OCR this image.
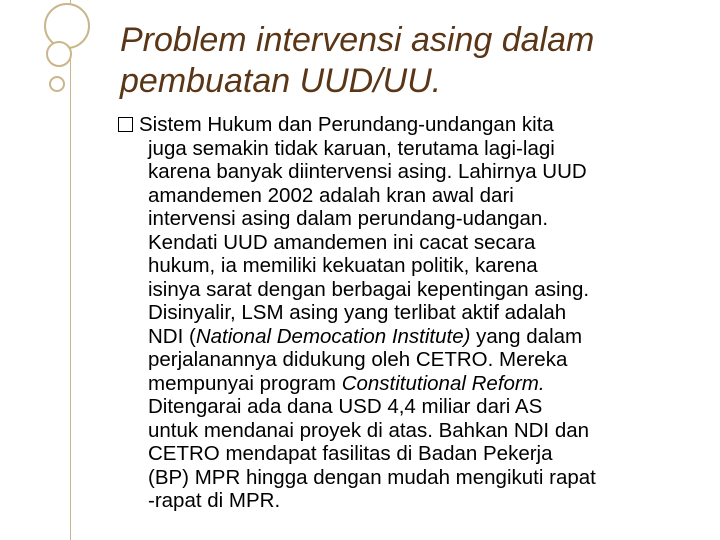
Problem intervensi asing dalam
pembuatan UUD/UU.
Sistem Hukum dan Perundang-undangan kita
juga semakin tidak karuan, terutama lagi-lagi
karena banyak diintervensi asing. Lahirnya UUD
amandemen 2002 adalah kran awal dari
intervensi asing dalam perundang-udangan.
Kendati UUD amandemen ini cacat secara
hukum, ia memiliki kekuatan politik, karena
isinya sarat dengan berbagai kepentingan asing.
Disinyalir, LSM asing yang terlibat aktif adalah
NDI (National Democation Institute) yang dalam
perjalanannya didukung oleh CETRO. Mereka
mempunyai program Constitutional Reform.
Ditengarai ada dana USD 4,4 miliar dari AS
untuk mendanai proyek di atas. Bahkan NDI dan
CETRO mendapat fasilitas di Badan Pekerja
(BP) MPR hingga dengan mudah mengikuti rapat
-rapat di MPR.
